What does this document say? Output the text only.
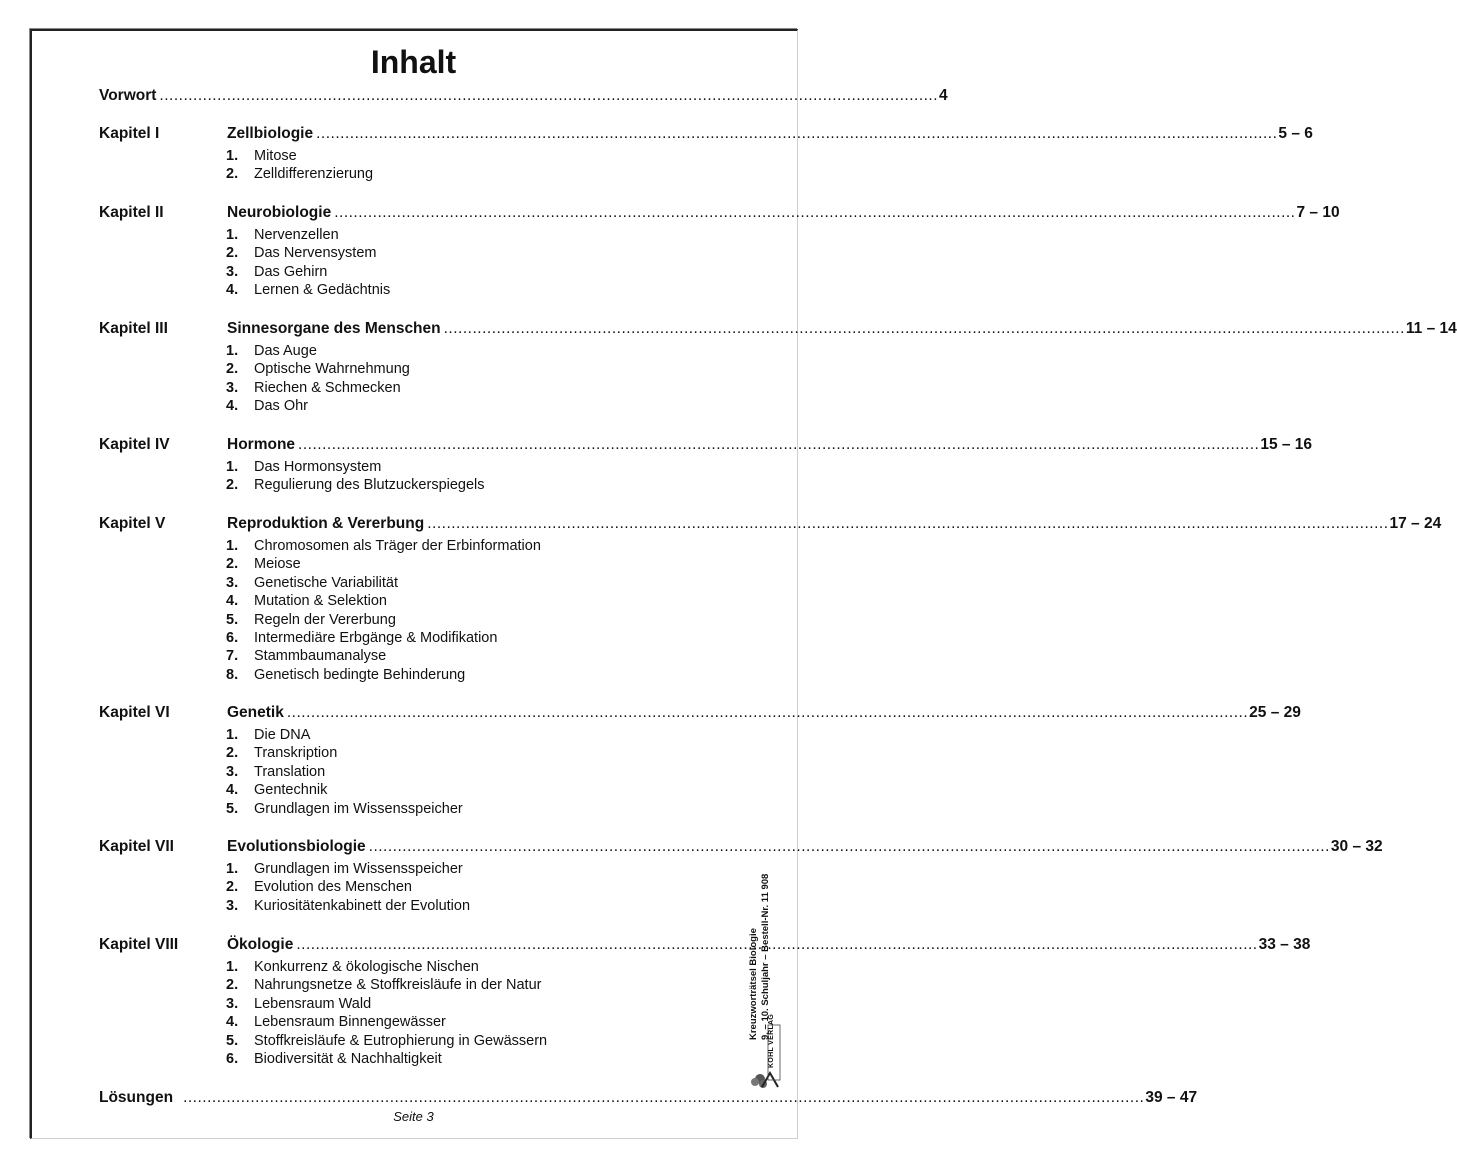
Inhalt
Vorwort .................................................................................................................................................................. 4
Kapitel I	Zellbiologie ........................................................................................................................................................................................................ 5 – 6
1. Mitose
2. Zelldifferenzierung
Kapitel II	Neurobiologie ........................................................................................................................................................................................................ 7 – 10
1. Nervenzellen
2. Das Nervensystem
3. Das Gehirn
4. Lernen & Gedächtnis
Kapitel III	Sinnesorgane des Menschen ........................................................................................................................................................................................................ 11 – 14
1. Das Auge
2. Optische Wahrnehmung
3. Riechen & Schmecken
4. Das Ohr
Kapitel IV	Hormone ........................................................................................................................................................................................................ 15 – 16
1. Das Hormonsystem
2. Regulierung des Blutzuckerspiegels
Kapitel V	Reproduktion & Vererbung ........................................................................................................................................................................................................ 17 – 24
1. Chromosomen als Träger der Erbinformation
2. Meiose
3. Genetische Variabilität
4. Mutation & Selektion
5. Regeln der Vererbung
6. Intermediäre Erbgänge & Modifikation
7. Stammbaumanalyse
8. Genetisch bedingte Behinderung
Kapitel VI	Genetik ........................................................................................................................................................................................................ 25 – 29
1. Die DNA
2. Transkription
3. Translation
4. Gentechnik
5. Grundlagen im Wissensspeicher
Kapitel VII	Evolutionsbiologie ........................................................................................................................................................................................................ 30 – 32
1. Grundlagen im Wissensspeicher
2. Evolution des Menschen
3. Kuriositätenkabinett der Evolution
Kapitel VIII	Ökologie ........................................................................................................................................................................................................ 33 – 38
1. Konkurrenz & ökologische Nischen
2. Nahrungsnetze & Stoffkreisläufe in der Natur
3. Lebensraum Wald
4. Lebensraum Binnengewässer
5. Stoffkreisläufe & Eutrophierung in Gewässern
6. Biodiversität & Nachhaltigkeit
Lösungen ........................................................................................................................................................................................................ 39 – 47
Seite 3
Kreuzworträtsel Biologie 9. – 10. Schuljahr – Bestell-Nr. 11 908
KOHL VERLAG
